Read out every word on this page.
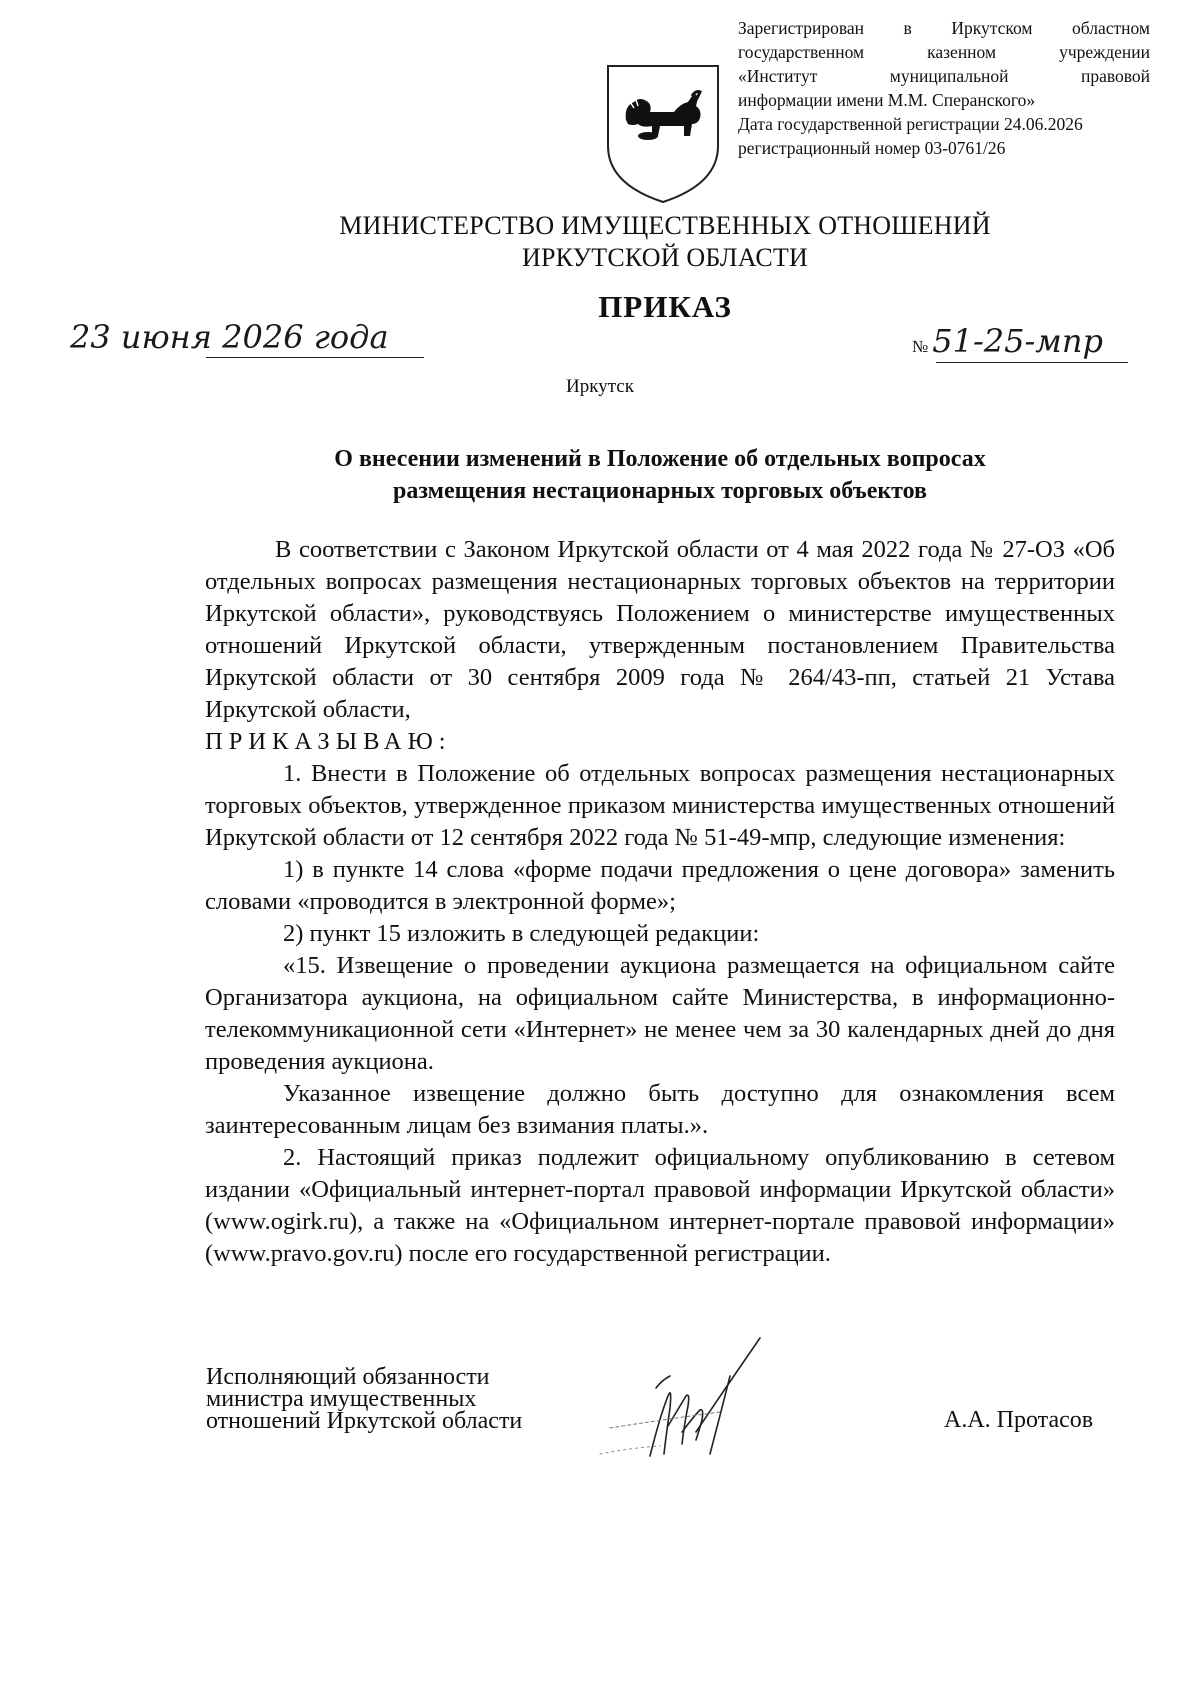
Зарегистрирован в Иркутском областном
государственном казенном учреждении
«Институт муниципальной правовой
информации имени М.М. Сперанского»
Дата государственной регистрации 24.06.2026
регистрационный номер 03-0761/26
МИНИСТЕРСТВО ИМУЩЕСТВЕННЫХ ОТНОШЕНИЙ
ИРКУТСКОЙ ОБЛАСТИ
ПРИКАЗ
23 июня 2026 года	№ 51-25-мпр
Иркутск
О внесении изменений в Положение об отдельных вопросах
размещения нестационарных торговых объектов

В соответствии с Законом Иркутской области от 4 мая 2022 года № 27-ОЗ «Об отдельных вопросах размещения нестационарных торговых объектов на территории Иркутской области», руководствуясь Положением о министерстве имущественных отношений Иркутской области, утвержденным постановлением Правительства Иркутской области от 30 сентября 2009 года № 264/43-пп, статьей 21 Устава Иркутской области,

ПРИКАЗЫВАЮ:

1. Внести в Положение об отдельных вопросах размещения нестационарных торговых объектов, утвержденное приказом министерства имущественных отношений Иркутской области от 12 сентября 2022 года № 51-49-мпр, следующие изменения:

1) в пункте 14 слова «форме подачи предложения о цене договора» заменить словами «проводится в электронной форме»;

2) пункт 15 изложить в следующей редакции:

«15. Извещение о проведении аукциона размещается на официальном сайте Организатора аукциона, на официальном сайте Министерства, в информационно-телекоммуникационной сети «Интернет» не менее чем за 30 календарных дней до дня проведения аукциона.

Указанное извещение должно быть доступно для ознакомления всем заинтересованным лицам без взимания платы.».

2. Настоящий приказ подлежит официальному опубликованию в сетевом издании «Официальный интернет-портал правовой информации Иркутской области» (www.ogirk.ru), а также на «Официальном интернет-портале правовой информации» (www.pravo.gov.ru) после его государственной регистрации.

Исполняющий обязанности
министра имущественных
отношений Иркутской области	А.А. Протасов
